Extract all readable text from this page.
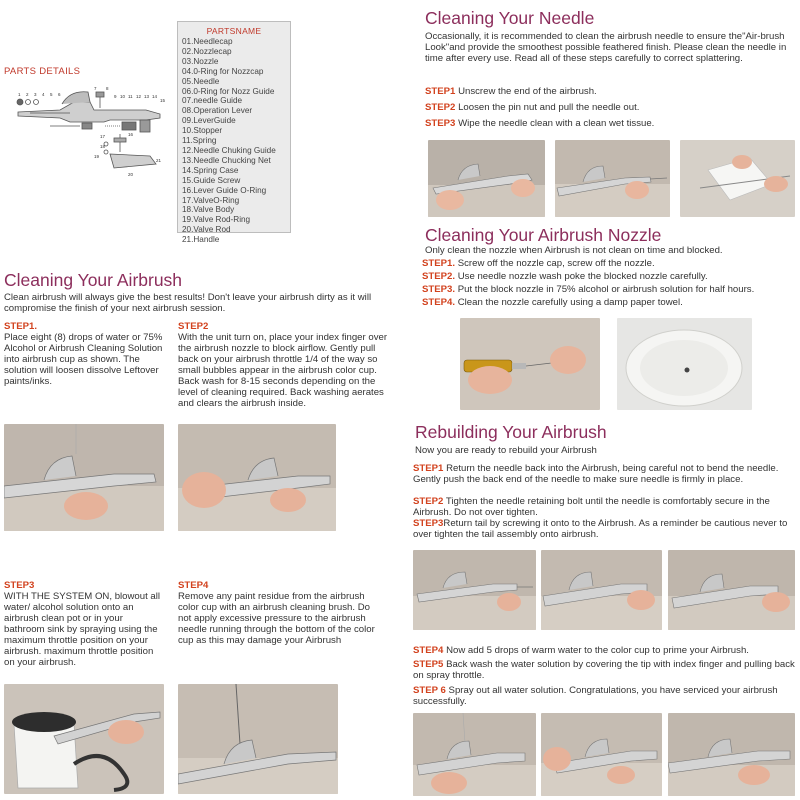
PARTS DETAILS
1 2 3 4 5 6
7 8
9 10 11 12 13 14
15
16
17
18
19
20
21
PARTSNAME
01.Needlecap
02.Nozzlecap
03.Nozzle
04.0-Ring for Nozzcap
05.Needle
06.0-Ring for Nozz Guide
07.needle Guide
08.Operation Lever
09.LeverGuide
10.Stopper
11.Spring
12.Needle Chuking Guide
13.Needle Chucking Net
14.Spring Case
15.Guide Screw
16.Lever Guide O-Ring
17.ValveO-Ring
18.Valve Body
19.Valve Rod-Ring
20.Valve Rod
21.Handle
Cleaning Your Needle
Occasionally, it is recommended to clean the airbrush needle to ensure the"Air-brush Look"and provide the smoothest possible feathered finish. Please clean the needle in time after every use. Read all of these steps carefully to correct splattering.
STEP1 Unscrew the end of the airbrush.
STEP2 Loosen the pin nut and pull the needle out.
STEP3 Wipe the needle clean with a clean wet tissue.
Cleaning Your Airbrush Nozzle
Only clean the nozzle when Airbrush is not clean on time and blocked.
STEP1. Screw off the nozzle cap, screw off the nozzle.
STEP2. Use needle nozzle wash poke the blocked nozzle carefully.
STEP3. Put the block nozzle in 75% alcohol or airbrush solution for half hours.
STEP4. Clean the nozzle carefully using a damp paper towel.
Cleaning Your Airbrush
Clean airbrush will always give the best results! Don't leave your airbrush dirty as it will compromise the finish of your next airbrush session.
STEP1.
Place eight (8) drops of water or 75% Alcohol or Airbrush Cleaning Solution into airbrush cup as shown. The solution will loosen dissolve Leftover paints/inks.
STEP2
With the unit turn on, place your index finger over the airbrush nozzle to block airflow. Gently pull back on your airbrush throttle 1/4 of the way so small bubbles appear in the airbrush color cup. Back wash for 8-15 seconds depending on the level of cleaning required. Back washing aerates and clears the airbrush inside.
STEP3
WITH THE SYSTEM ON, blowout all water/ alcohol solution onto an airbrush clean pot or in your bathroom sink by spraying using the maximum throttle position on your airbrush. maximum throttle position on your airbrush.
STEP4
Remove any paint residue from the airbrush color cup with an airbrush cleaning brush. Do not apply excessive pressure to the airbrush needle running through the bottom of the color cup as this may damage your Airbrush
Rebuilding Your Airbrush
Now you are ready to rebuild your Airbrush
STEP1 Return the needle back into the Airbrush, being careful not to bend the needle. Gently push the back end of the needle to make sure needle is firmly in place.
STEP2 Tighten the needle retaining bolt until the needle is comfortably secure in the Airbrush. Do not over tighten.
STEP3Return tail by screwing it onto to the Airbrush. As a reminder be cautious never to over tighten the tail assembly onto airbrush.
STEP4 Now add 5 drops of warm water to the color cup to prime your Airbrush.
STEP5 Back wash the water solution by covering the tip with index finger and pulling back on spray throttle.
STEP 6 Spray out all water solution. Congratulations, you have serviced your airbrush successfully.
